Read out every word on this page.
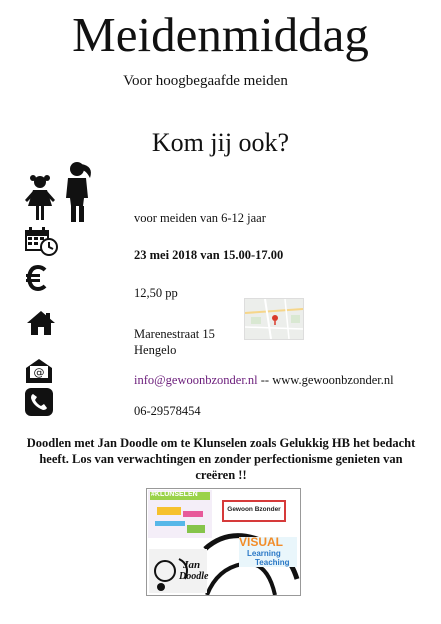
Meidenmiddag
Voor hoogbegaafde meiden
Kom jij ook?
@
voor meiden van 6-12 jaar
23 mei 2018 van 15.00-17.00
12,50 pp
Marenestraat 15
Hengelo
info@gewoonbzonder.nl -- www.gewoonbzonder.nl
06-29578454
Doodlen met Jan Doodle om te Klunselen zoals Gelukkig HB het bedacht heeft. Los van verwachtingen en zonder perfectionisme genieten van creëren !!
#KLUNSELEN
Gewoon Bzonder
VISUAL
Learning
Teaching
Jan
Doodle
